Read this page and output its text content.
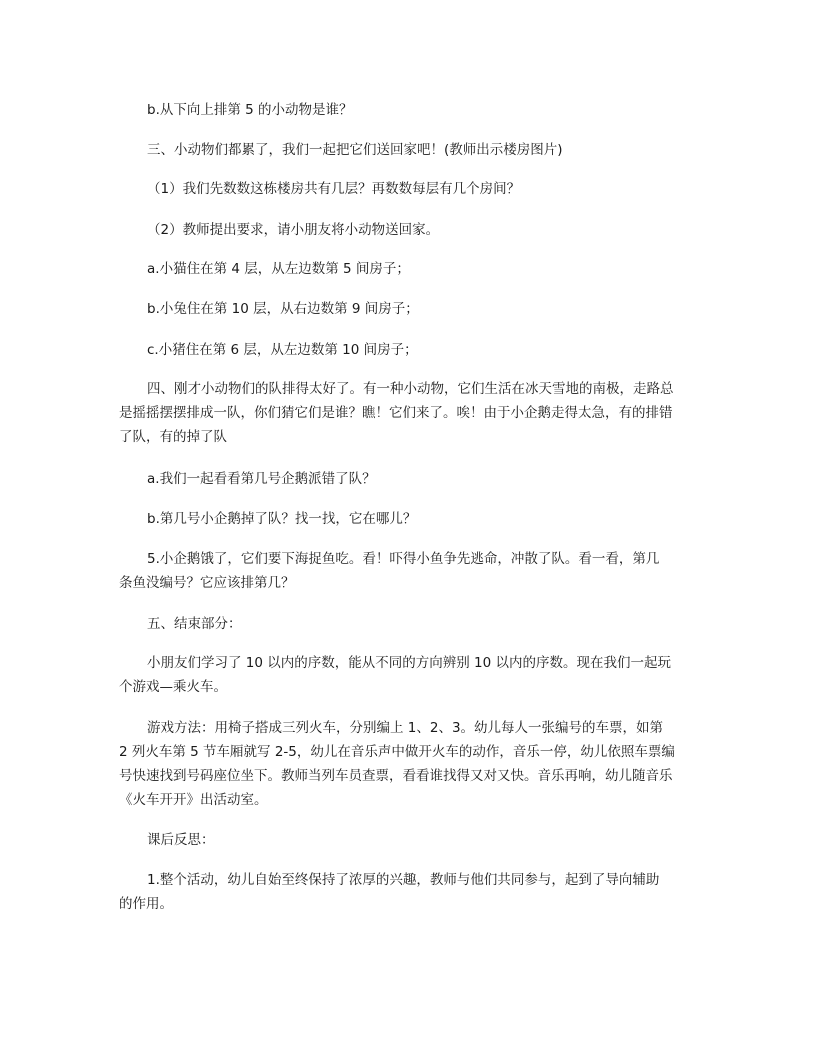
b.从下向上排第 5 的小动物是谁？

三、小动物们都累了，我们一起把它们送回家吧！(教师出示楼房图片)

（1）我们先数数这栋楼房共有几层？再数数每层有几个房间？

（2）教师提出要求，请小朋友将小动物送回家。

a.小猫住在第 4 层，从左边数第 5 间房子；

b.小兔住在第 10 层，从右边数第 9 间房子；

c.小猪住在第 6 层，从左边数第 10 间房子；

四、刚才小动物们的队排得太好了。有一种小动物，它们生活在冰天雪地的南极，走路总
是摇摇摆摆排成一队，你们猜它们是谁？瞧！它们来了。唉！由于小企鹅走得太急，有的排错
了队，有的掉了队

a.我们一起看看第几号企鹅派错了队？

b.第几号小企鹅掉了队？找一找，它在哪儿？

5.小企鹅饿了，它们要下海捉鱼吃。看！吓得小鱼争先逃命，冲散了队。看一看，第几
条鱼没编号？它应该排第几？

五、结束部分：

小朋友们学习了 10 以内的序数，能从不同的方向辨别 10 以内的序数。现在我们一起玩
个游戏—乘火车。
游戏方法：用椅子搭成三列火车，分别编上 1、2、3。幼儿每人一张编号的车票，如第
2 列火车第 5 节车厢就写 2-5，幼儿在音乐声中做开火车的动作，音乐一停，幼儿依照车票编
号快速找到号码座位坐下。教师当列车员查票，看看谁找得又对又快。音乐再响，幼儿随音乐
《火车开开》出活动室。

课后反思：

1.整个活动，幼儿自始至终保持了浓厚的兴趣，教师与他们共同参与，起到了导向辅助
的作用。
